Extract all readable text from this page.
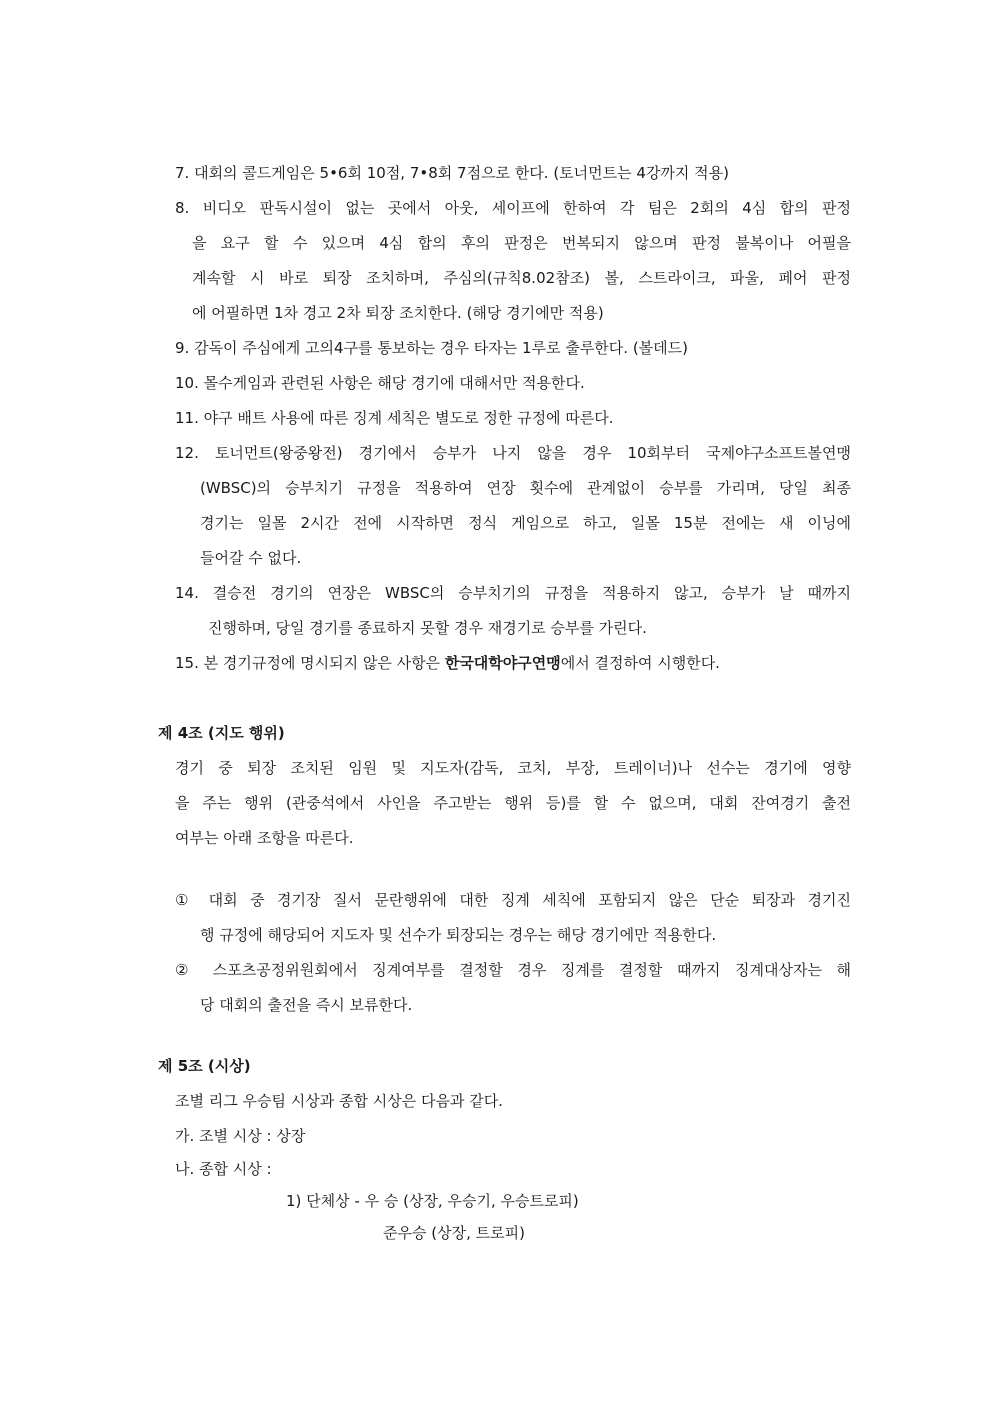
7. 대회의 콜드게임은 5•6회 10점, 7•8회 7점으로 한다. (토너먼트는 4강까지 적용)
8. 비디오 판독시설이 없는 곳에서 아웃, 세이프에 한하여 각 팀은 2회의 4심 합의 판정
을 요구 할 수 있으며 4심 합의 후의 판정은 번복되지 않으며 판정 불복이나 어필을
계속할 시 바로 퇴장 조치하며, 주심의(규칙8.02참조) 볼, 스트라이크, 파울, 페어 판정
에 어필하면 1차 경고 2차 퇴장 조치한다. (해당 경기에만 적용)
9. 감독이 주심에게 고의4구를 통보하는 경우 타자는 1루로 출루한다. (볼데드)
10. 몰수게임과 관련된 사항은 해당 경기에 대해서만 적용한다.
11. 야구 배트 사용에 따른 징계 세칙은 별도로 정한 규정에 따른다.
12. 토너먼트(왕중왕전) 경기에서 승부가 나지 않을 경우 10회부터 국제야구소프트볼연맹
(WBSC)의 승부치기 규정을 적용하여 연장 횟수에 관계없이 승부를 가리며, 당일 최종
경기는 일몰 2시간 전에 시작하면 정식 게임으로 하고, 일몰 15분 전에는 새 이닝에
들어갈 수 없다.
14. 결승전 경기의 연장은 WBSC의 승부치기의 규정을 적용하지 않고, 승부가 날 때까지
진행하며, 당일 경기를 종료하지 못할 경우 재경기로 승부를 가린다.
15. 본 경기규정에 명시되지 않은 사항은 한국대학야구연맹에서 결정하여 시행한다.
제 4조 (지도 행위)
경기 중 퇴장 조치된 임원 및 지도자(감독, 코치, 부장, 트레이너)나 선수는 경기에 영향
을 주는 행위 (관중석에서 사인을 주고받는 행위 등)를 할 수 없으며, 대회 잔여경기 출전
여부는 아래 조항을 따른다.
① 대회 중 경기장 질서 문란행위에 대한 징계 세칙에 포함되지 않은 단순 퇴장과 경기진
행 규정에 해당되어 지도자 및 선수가 퇴장되는 경우는 해당 경기에만 적용한다.
② 스포츠공정위원회에서 징계여부를 결정할 경우 징계를 결정할 때까지 징계대상자는 해
당 대회의 출전을 즉시 보류한다.
제 5조 (시상)
조별 리그 우승팀 시상과 종합 시상은 다음과 같다.
가. 조별 시상 : 상장
나. 종합 시상 :
1) 단체상 - 우 승 (상장, 우승기, 우승트로피)
준우승 (상장, 트로피)
